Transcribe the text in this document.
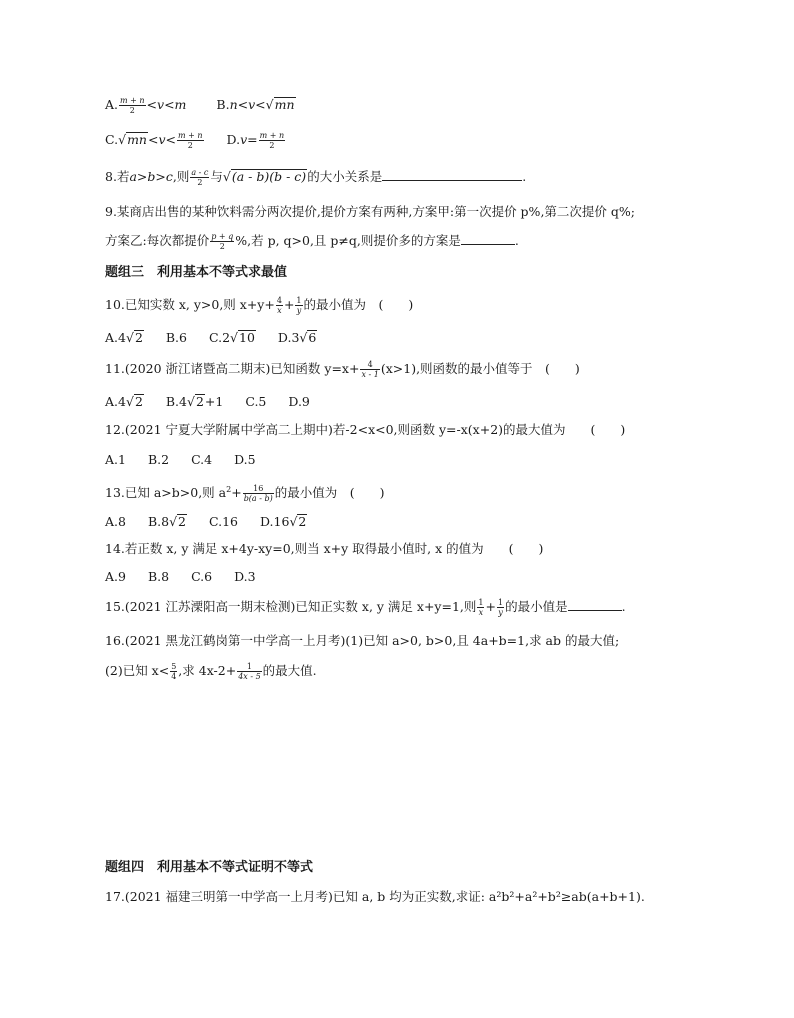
A. $\frac{m + n}{2} <v<m$ B.n<v<√mn
$C.√mn<v< \frac{m + n}{2} D.v= \frac{m + n}{2}$
8.若a>b>c,则 $\frac{a - c}{2}$ 与√(a - b)(b - c)的大小关系是	.
9.某商店出售的某种饮料需分两次提价,提价方案有两种,方案甲:第一次提价 p%,第二次提价 q%;
方案乙:每次都提价 $\frac{p + q}{2}$ %,若 p, q>0,且 p≠q,则提价多的方案是	.
题组三　利用基本不等式求最值
10.已知实数 x, y>0,则 $x+y+ \frac{4}{x} + \frac{1}{y}$ 的最小值为　(　　)
A.4√2 B.6 C.2√10 D.3√6
11.(2020 浙江诸暨高二期末)已知函数 $y=x+ \frac{4}{x - 1} (x>1)$,则函数的最小值等于　(　　)
A.4√2 B.4√2+1 C.5 D.9
12.(2021 宁夏大学附属中学高二上期中)若-2<x<0,则函数 y=-x(x+2)的最大值为　　(　　)
A.1 B.2 C.4 D.5
13.已知 a>b>0,则 $a^2+ \frac{16}{b(a - b)}$ 的最小值为　(　　)
A.8 B.8√2 C.16 D.16√2
14.若正数 x, y 满足 x+4y-xy=0,则当 x+y 取得最小值时, x 的值为　　(　　)
A.9 B.8 C.6 D.3
15.(2021 江苏溧阳高一期末检测)已知正实数 x, y 满足 x+y=1,则 $\frac{1}{x} + \frac{1}{y}$ 的最小值是	.
16.(2021 黑龙江鹤岗第一中学高一上月考)(1)已知 a>0, b>0,且 4a+b=1,求 ab 的最大值;
(2)已知 $x< \frac{5}{4}$ ,求 $4x-2+ \frac{1}{4x - 5}$ 的最大值.
题组四　利用基本不等式证明不等式
17.(2021 福建三明第一中学高一上月考)已知 a, b 均为正实数,求证: a²b²+a²+b²≥ab(a+b+1).
